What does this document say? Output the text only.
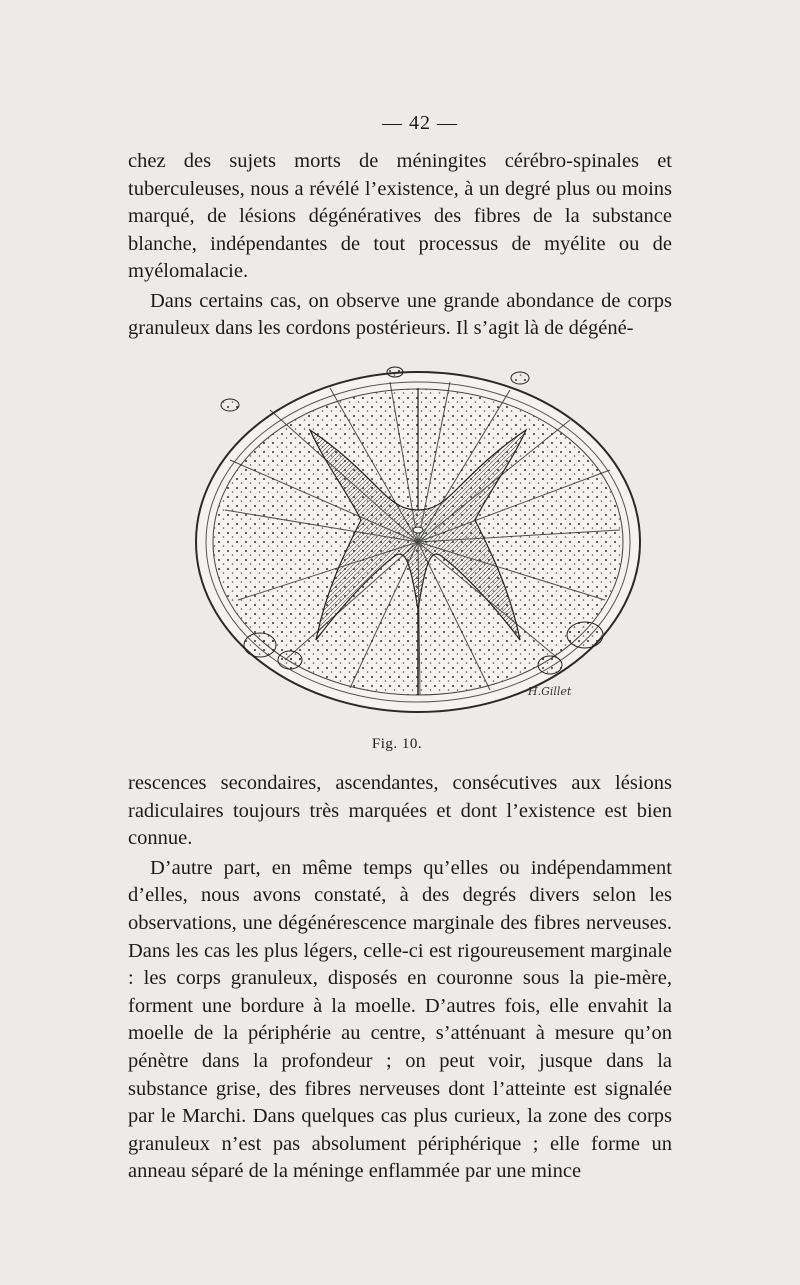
— 42 —

chez des sujets morts de méningites cérébro-spinales et tuberculeuses, nous a révélé l’existence, à un degré plus ou moins marqué, de lésions dégénératives des fibres de la substance blanche, indépendantes de tout processus de myélite ou de myélomalacie.

Dans certains cas, on observe une grande abondance de corps granuleux dans les cordons postérieurs. Il s’agit là de dégéné-

H.Gillet
Fig. 10.

rescences secondaires, ascendantes, consécutives aux lésions radiculaires toujours très marquées et dont l’existence est bien connue.

D’autre part, en même temps qu’elles ou indépendamment d’elles, nous avons constaté, à des degrés divers selon les observations, une dégénérescence marginale des fibres nerveuses. Dans les cas les plus légers, celle-ci est rigoureusement marginale : les corps granuleux, disposés en couronne sous la pie-mère, forment une bordure à la moelle. D’autres fois, elle envahit la moelle de la périphérie au centre, s’atténuant à mesure qu’on pénètre dans la profondeur ; on peut voir, jusque dans la substance grise, des fibres nerveuses dont l’atteinte est signalée par le Marchi. Dans quelques cas plus curieux, la zone des corps granuleux n’est pas absolument périphérique ; elle forme un anneau séparé de la méninge enflammée par une mince
